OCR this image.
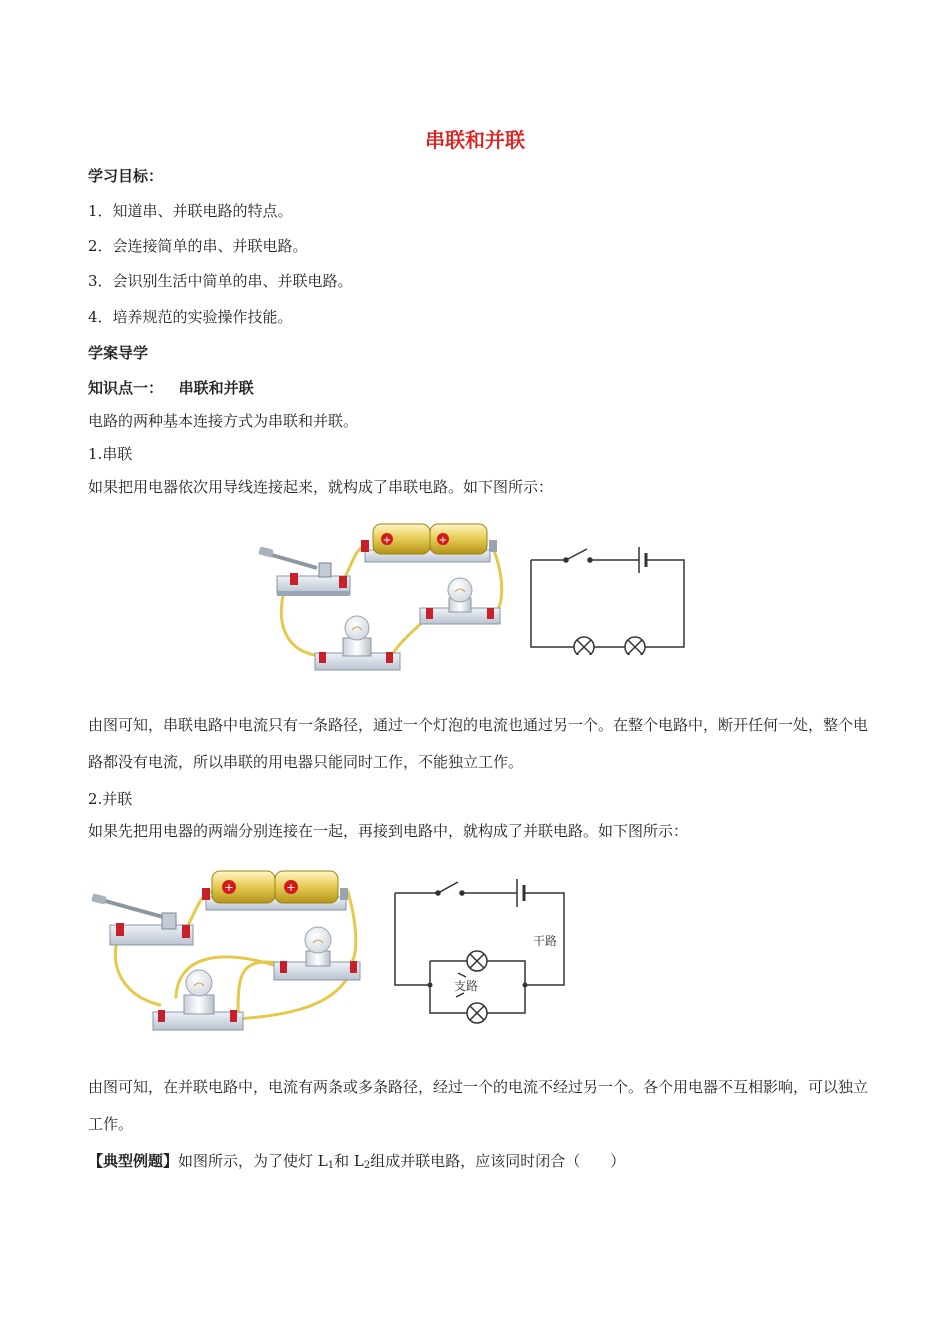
串联和并联
学习目标：
1．知道串、并联电路的特点。
2．会连接简单的串、并联电路。
3．会识别生活中简单的串、并联电路。
4．培养规范的实验操作技能。
学案导学
知识点一：   串联和并联
电路的两种基本连接方式为串联和并联。
1.串联
如果把用电器依次用导线连接起来，就构成了串联电路。如下图所示：
+	+
由图可知，串联电路中电流只有一条路径，通过一个灯泡的电流也通过另一个。在整个电路中，断开任何一处，整个电路都没有电流，所以串联的用电器只能同时工作，不能独立工作。
2.并联
如果先把用电器的两端分别连接在一起，再接到电路中，就构成了并联电路。如下图所示：
+	+
干路
支路
由图可知，在并联电路中，电流有两条或多条路径，经过一个的电流不经过另一个。各个用电器不互相影响，可以独立工作。
【典型例题】如图所示，为了使灯 $L_1$和 $L_2$组成并联电路，应该同时闭合（　　）
